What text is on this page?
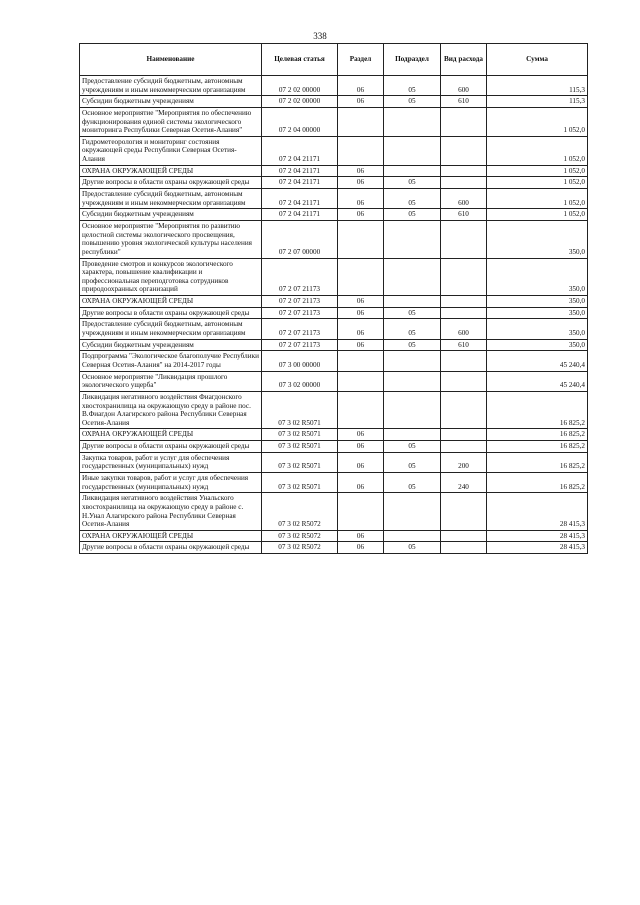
338
Наименование	Целевая статья	Раздел	Подраздел	Вид расхода	Сумма
Предоставление субсидий бюджетным, автономным учреждениям и иным некоммерческим организациям	07 2 02 00000	06	05	600	115,3
Субсидии бюджетным учреждениям	07 2 02 00000	06	05	610	115,3
Основное мероприятие "Мероприятия по обеспечению функционирования единой системы экологического мониторинга Республики Северная Осетия-Алания"	07 2 04 00000				1 052,0
Гидрометеорология и мониторинг состояния окружающей среды Республики Северная Осетия-Алания	07 2 04 21171				1 052,0
ОХРАНА ОКРУЖАЮЩЕЙ СРЕДЫ	07 2 04 21171	06			1 052,0
Другие вопросы в области охраны окружающей среды	07 2 04 21171	06	05		1 052,0
Предоставление субсидий бюджетным, автономным учреждениям и иным некоммерческим организациям	07 2 04 21171	06	05	600	1 052,0
Субсидии бюджетным учреждениям	07 2 04 21171	06	05	610	1 052,0
Основное мероприятие "Мероприятия по развитию целостной системы экологического просвещения, повышению уровня экологической культуры населения республики"	07 2 07 00000				350,0
Проведение смотров и конкурсов экологического характера, повышение квалификации и профессиональная переподготовка сотрудников природоохранных организаций	07 2 07 21173				350,0
ОХРАНА ОКРУЖАЮЩЕЙ СРЕДЫ	07 2 07 21173	06			350,0
Другие вопросы в области охраны окружающей среды	07 2 07 21173	06	05		350,0
Предоставление субсидий бюджетным, автономным учреждениям и иным некоммерческим организациям	07 2 07 21173	06	05	600	350,0
Субсидии бюджетным учреждениям	07 2 07 21173	06	05	610	350,0
Подпрограмма "Экологическое благополучие Республики Северная Осетия-Алания" на 2014-2017 годы	07 3 00 00000				45 240,4
Основное мероприятие "Ликвидация прошлого экологического ущерба"	07 3 02 00000				45 240,4
Ликвидация негативного воздействия Фиагдонского хвостохранилища на окружающую среду в районе пос. В.Фиагдон Алагирского района Республики Северная Осетия-Алания	07 3 02 R5071				16 825,2
ОХРАНА ОКРУЖАЮЩЕЙ СРЕДЫ	07 3 02 R5071	06			16 825,2
Другие вопросы в области охраны окружающей среды	07 3 02 R5071	06	05		16 825,2
Закупка товаров, работ и услуг для обеспечения государственных (муниципальных) нужд	07 3 02 R5071	06	05	200	16 825,2
Иные закупки товаров, работ и услуг для обеспечения государственных (муниципальных) нужд	07 3 02 R5071	06	05	240	16 825,2
Ликвидация негативного воздействия Унальского хвостохранилища на окружающую среду в районе с. Н.Унал Алагирского района Республики Северная Осетия-Алания	07 3 02 R5072				28 415,3
ОХРАНА ОКРУЖАЮЩЕЙ СРЕДЫ	07 3 02 R5072	06			28 415,3
Другие вопросы в области охраны окружающей среды	07 3 02 R5072	06	05		28 415,3
